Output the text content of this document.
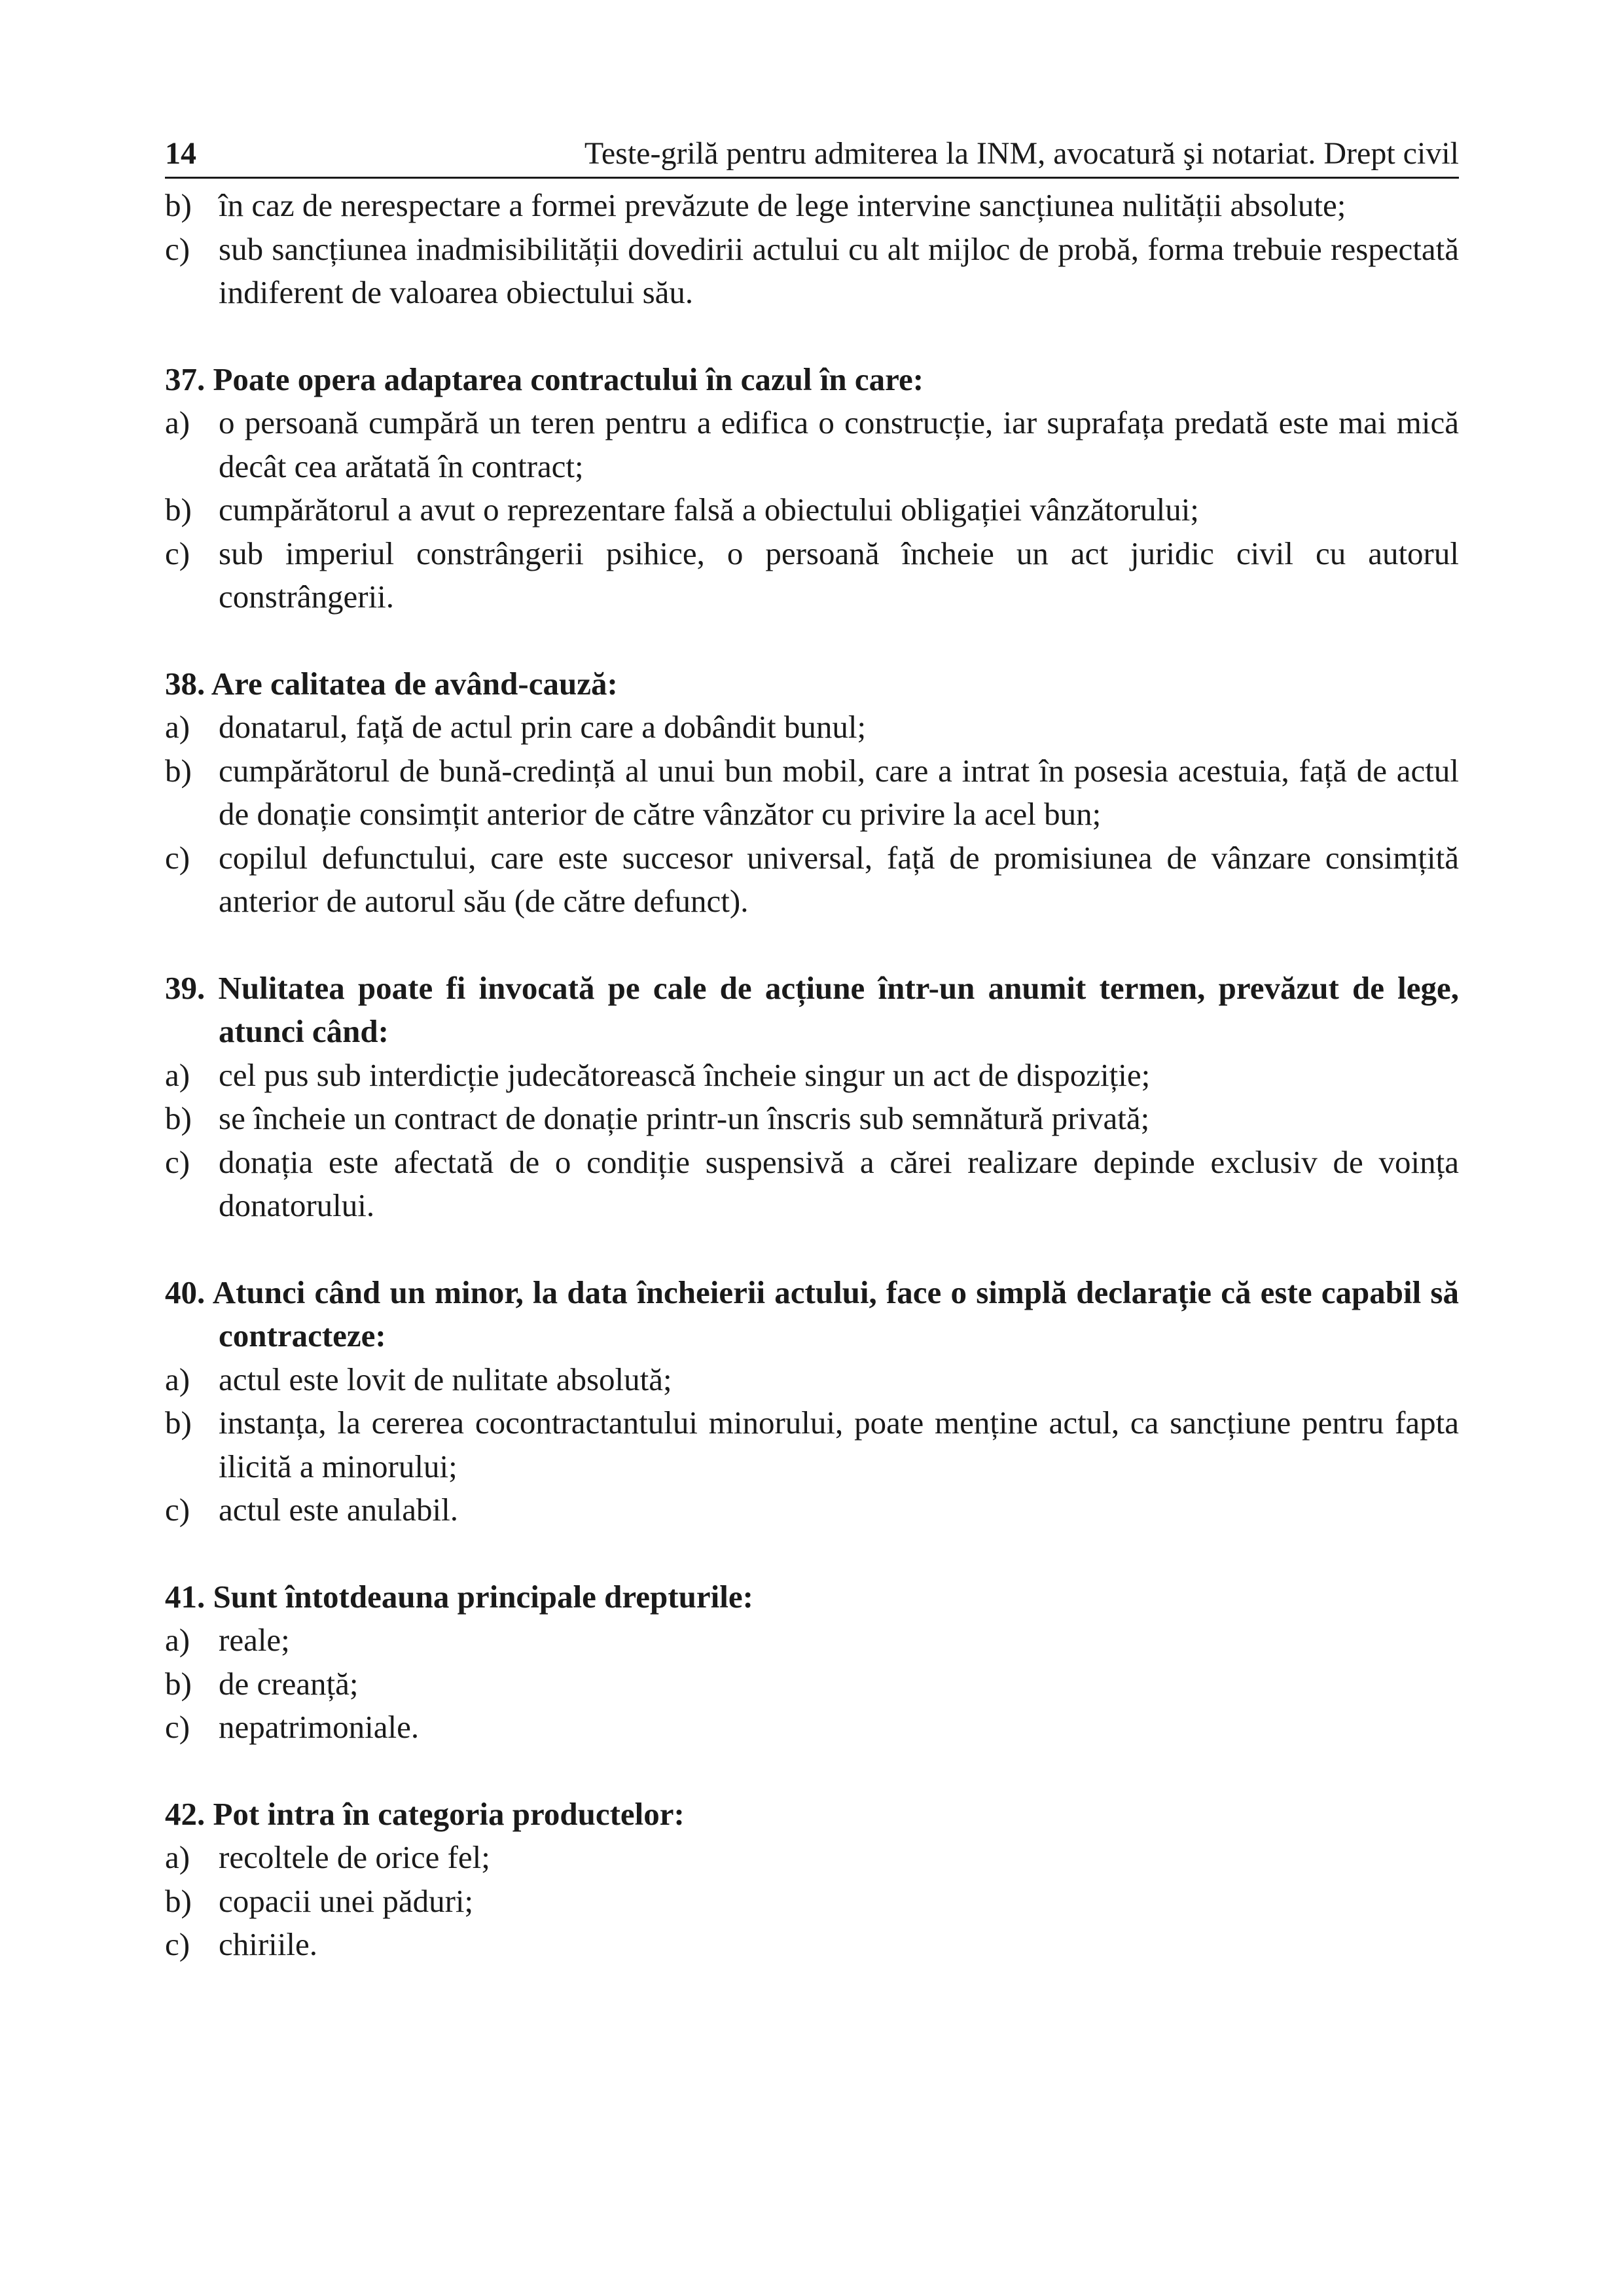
14	Teste-grilă pentru admiterea la INM, avocatură şi notariat. Drept civil
b) în caz de nerespectare a formei prevăzute de lege intervine sancțiunea nulității absolute;
c) sub sancțiunea inadmisibilității dovedirii actului cu alt mijloc de probă, forma trebuie respectată indiferent de valoarea obiectului său.
37. Poate opera adaptarea contractului în cazul în care:
a) o persoană cumpără un teren pentru a edifica o construcție, iar suprafața predată este mai mică decât cea arătată în contract;
b) cumpărătorul a avut o reprezentare falsă a obiectului obligației vânzătorului;
c) sub imperiul constrângerii psihice, o persoană încheie un act juridic civil cu autorul constrângerii.
38. Are calitatea de având-cauză:
a) donatarul, față de actul prin care a dobândit bunul;
b) cumpărătorul de bună-credință al unui bun mobil, care a intrat în posesia acestuia, față de actul de donație consimțit anterior de către vânzător cu privire la acel bun;
c) copilul defunctului, care este succesor universal, față de promisiunea de vânzare consimțită anterior de autorul său (de către defunct).
39. Nulitatea poate fi invocată pe cale de acțiune într-un anumit termen, prevăzut de lege, atunci când:
a) cel pus sub interdicție judecătorească încheie singur un act de dispoziție;
b) se încheie un contract de donație printr-un înscris sub semnătură privată;
c) donația este afectată de o condiție suspensivă a cărei realizare depinde exclusiv de voința donatorului.
40. Atunci când un minor, la data încheierii actului, face o simplă declarație că este capabil să contracteze:
a) actul este lovit de nulitate absolută;
b) instanța, la cererea cocontractantului minorului, poate menține actul, ca sancțiune pentru fapta ilicită a minorului;
c) actul este anulabil.
41. Sunt întotdeauna principale drepturile:
a) reale;
b) de creanță;
c) nepatrimoniale.
42. Pot intra în categoria productelor:
a) recoltele de orice fel;
b) copacii unei păduri;
c) chiriile.
